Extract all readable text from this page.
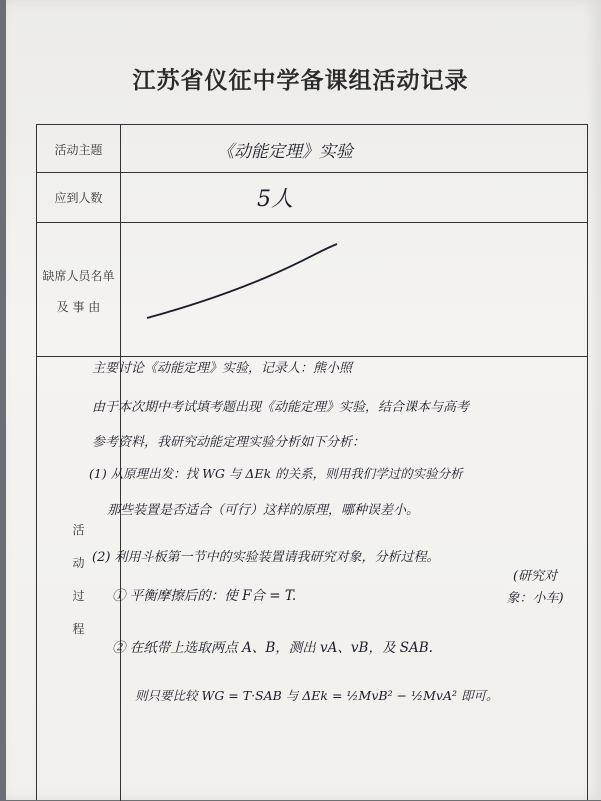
江苏省仪征中学备课组活动记录
活动主题	《动能定理》实验
应到人数	5人
缺席人员名单
及 事 由
活
动
过
程
主要讨论《动能定理》实验，记录人：熊小照
由于本次期中考试填考题出现《动能定理》实验，结合课本与高考
参考资料，我研究动能定理实验分析如下分析：
(1) 从原理出发：找 WG 与 ΔEk 的关系，则用我们学过的实验分析
那些装置是否适合（可行）这样的原理，哪种误差小。
(2) 利用斗板第一节中的实验装置请我研究对象，分析过程。
① 平衡摩擦后的：使 F合 = T.
② 在纸带上选取两点 A、B，测出 vA、vB，及 SAB.
则只要比较 WG = T·SAB 与 ΔEk = ½MvB² − ½MvA² 即可。
(研究对象：小车)
